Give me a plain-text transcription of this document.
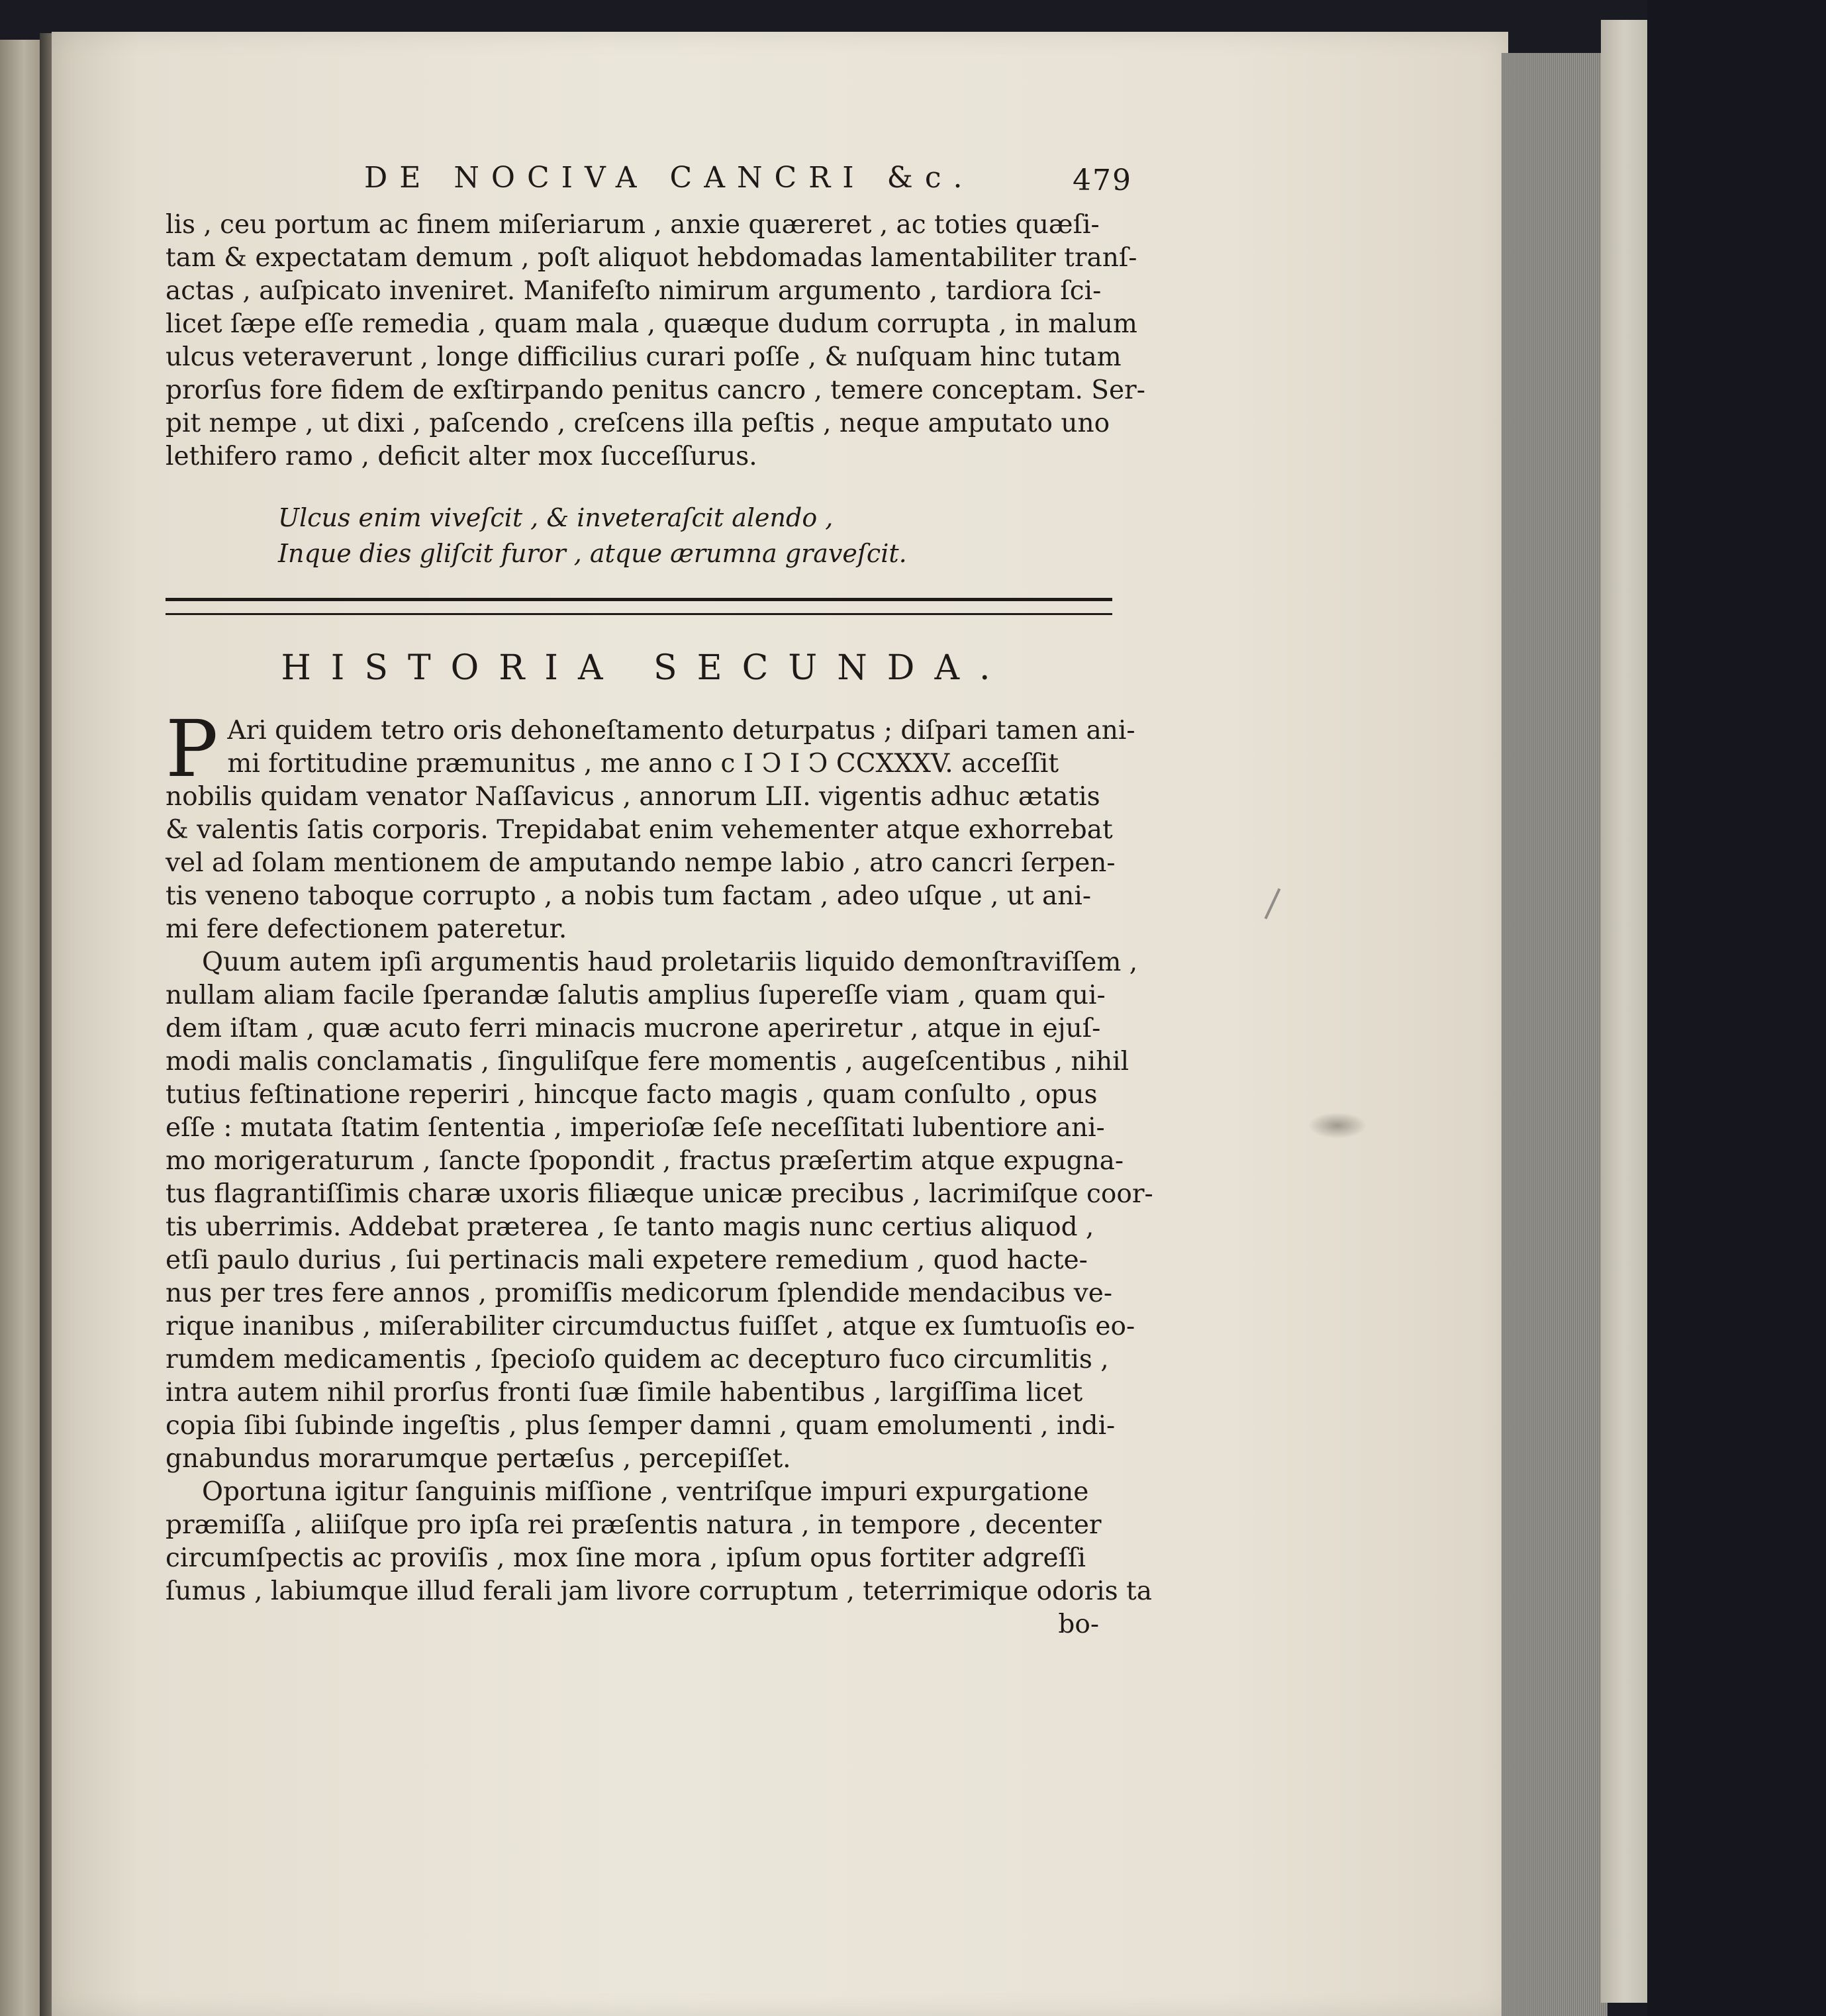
DE NOCIVA CANCRI &c.	479

lis , ceu portum ac finem miſeriarum , anxie quæreret , ac toties quæſi-
tam & expectatam demum , poſt aliquot hebdomadas lamentabiliter tranſ-
actas , auſpicato inveniret. Manifeſto nimirum argumento , tardiora ſci-
licet ſæpe eſſe remedia , quam mala , quæque dudum corrupta , in malum
ulcus veteraverunt , longe difficilius curari poſſe , & nuſquam hinc tutam
prorſus fore fidem de exſtirpando penitus cancro , temere conceptam. Ser-
pit nempe , ut dixi , paſcendo , creſcens illa peſtis , neque amputato uno
lethifero ramo , deficit alter mox ſucceſſurus.

Ulcus enim viveſcit , & inveteraſcit alendo ,
Inque dies gliſcit furor , atque ærumna graveſcit.
HISTORIA SECUNDA.

P Ari quidem tetro oris dehoneſtamento deturpatus ; diſpari tamen ani-
mi fortitudine præmunitus , me anno c I Ↄ I Ↄ CCXXXV. acceſſit
nobilis quidam venator Naſſavicus , annorum LII. vigentis adhuc ætatis
& valentis ſatis corporis. Trepidabat enim vehementer atque exhorrebat
vel ad ſolam mentionem de amputando nempe labio , atro cancri ſerpen-
tis veneno taboque corrupto , a nobis tum factam , adeo uſque , ut ani-
mi fere defectionem pateretur.

Quum autem ipſi argumentis haud proletariis liquido demonſtraviſſem ,
nullam aliam facile ſperandæ ſalutis amplius ſupereſſe viam , quam qui-
dem iſtam , quæ acuto ferri minacis mucrone aperiretur , atque in ejuſ-
modi malis conclamatis , ſinguliſque fere momentis , augeſcentibus , nihil
tutius feſtinatione reperiri , hincque facto magis , quam conſulto , opus
eſſe : mutata ſtatim ſententia , imperioſæ ſeſe neceſſitati lubentiore ani-
mo morigeraturum , ſancte ſpopondit , fractus præſertim atque expugna-
tus flagrantiſſimis charæ uxoris filiæque unicæ precibus , lacrimiſque coor-
tis uberrimis. Addebat præterea , ſe tanto magis nunc certius aliquod ,
etſi paulo durius , ſui pertinacis mali expetere remedium , quod hacte-
nus per tres fere annos , promiſſis medicorum ſplendide mendacibus ve-
rique inanibus , miſerabiliter circumductus fuiſſet , atque ex ſumtuoſis eo-
rumdem medicamentis , ſpecioſo quidem ac decepturo fuco circumlitis ,
intra autem nihil prorſus fronti ſuæ ſimile habentibus , largiſſima licet
copia ſibi ſubinde ingeſtis , plus ſemper damni , quam emolumenti , indi-
gnabundus morarumque pertæſus , percepiſſet.

Oportuna igitur ſanguinis miſſione , ventriſque impuri expurgatione
præmiſſa , aliiſque pro ipſa rei præſentis natura , in tempore , decenter
circumſpectis ac proviſis , mox ſine mora , ipſum opus fortiter adgreſſi
ſumus , labiumque illud ferali jam livore corruptum , teterrimique odoris ta

bo-
